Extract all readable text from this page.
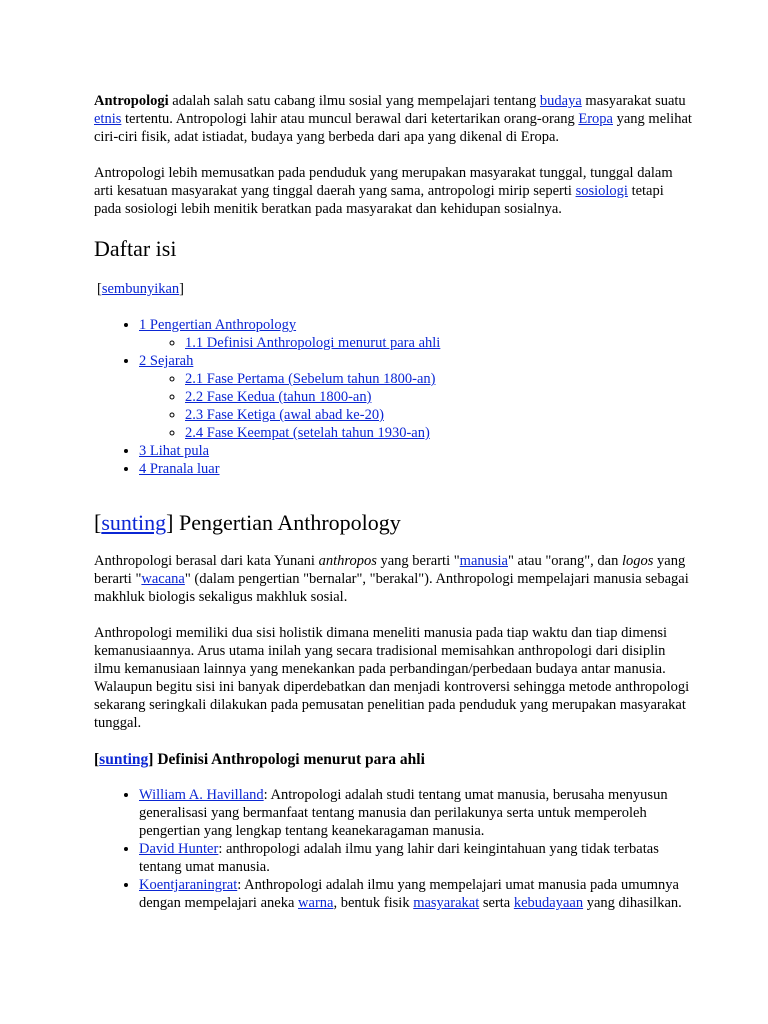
Antropologi adalah salah satu cabang ilmu sosial yang mempelajari tentang budaya masyarakat suatu etnis tertentu. Antropologi lahir atau muncul berawal dari ketertarikan orang-orang Eropa yang melihat ciri-ciri fisik, adat istiadat, budaya yang berbeda dari apa yang dikenal di Eropa.

Antropologi lebih memusatkan pada penduduk yang merupakan masyarakat tunggal, tunggal dalam arti kesatuan masyarakat yang tinggal daerah yang sama, antropologi mirip seperti sosiologi tetapi pada sosiologi lebih menitik beratkan pada masyarakat dan kehidupan sosialnya.

Daftar isi
[sembunyikan]
• 1 Pengertian Anthropology
◦ 1.1 Definisi Anthropologi menurut para ahli
• 2 Sejarah
◦ 2.1 Fase Pertama (Sebelum tahun 1800-an)
◦ 2.2 Fase Kedua (tahun 1800-an)
◦ 2.3 Fase Ketiga (awal abad ke-20)
◦ 2.4 Fase Keempat (setelah tahun 1930-an)
• 3 Lihat pula
• 4 Pranala luar
[sunting] Pengertian Anthropology

Anthropologi berasal dari kata Yunani anthropos yang berarti "manusia" atau "orang", dan logos yang berarti "wacana" (dalam pengertian "bernalar", "berakal"). Anthropologi mempelajari manusia sebagai makhluk biologis sekaligus makhluk sosial.

Anthropologi memiliki dua sisi holistik dimana meneliti manusia pada tiap waktu dan tiap dimensi kemanusiaannya. Arus utama inilah yang secara tradisional memisahkan anthropologi dari disiplin ilmu kemanusiaan lainnya yang menekankan pada perbandingan/perbedaan budaya antar manusia. Walaupun begitu sisi ini banyak diperdebatkan dan menjadi kontroversi sehingga metode anthropologi sekarang seringkali dilakukan pada pemusatan penelitian pada penduduk yang merupakan masyarakat tunggal.

[sunting] Definisi Anthropologi menurut para ahli
• William A. Havilland: Antropologi adalah studi tentang umat manusia, berusaha menyusun generalisasi yang bermanfaat tentang manusia dan perilakunya serta untuk memperoleh pengertian yang lengkap tentang keanekaragaman manusia.
• David Hunter: anthropologi adalah ilmu yang lahir dari keingintahuan yang tidak terbatas tentang umat manusia.
• Koentjaraningrat: Anthropologi adalah ilmu yang mempelajari umat manusia pada umumnya dengan mempelajari aneka warna, bentuk fisik masyarakat serta kebudayaan yang dihasilkan.
